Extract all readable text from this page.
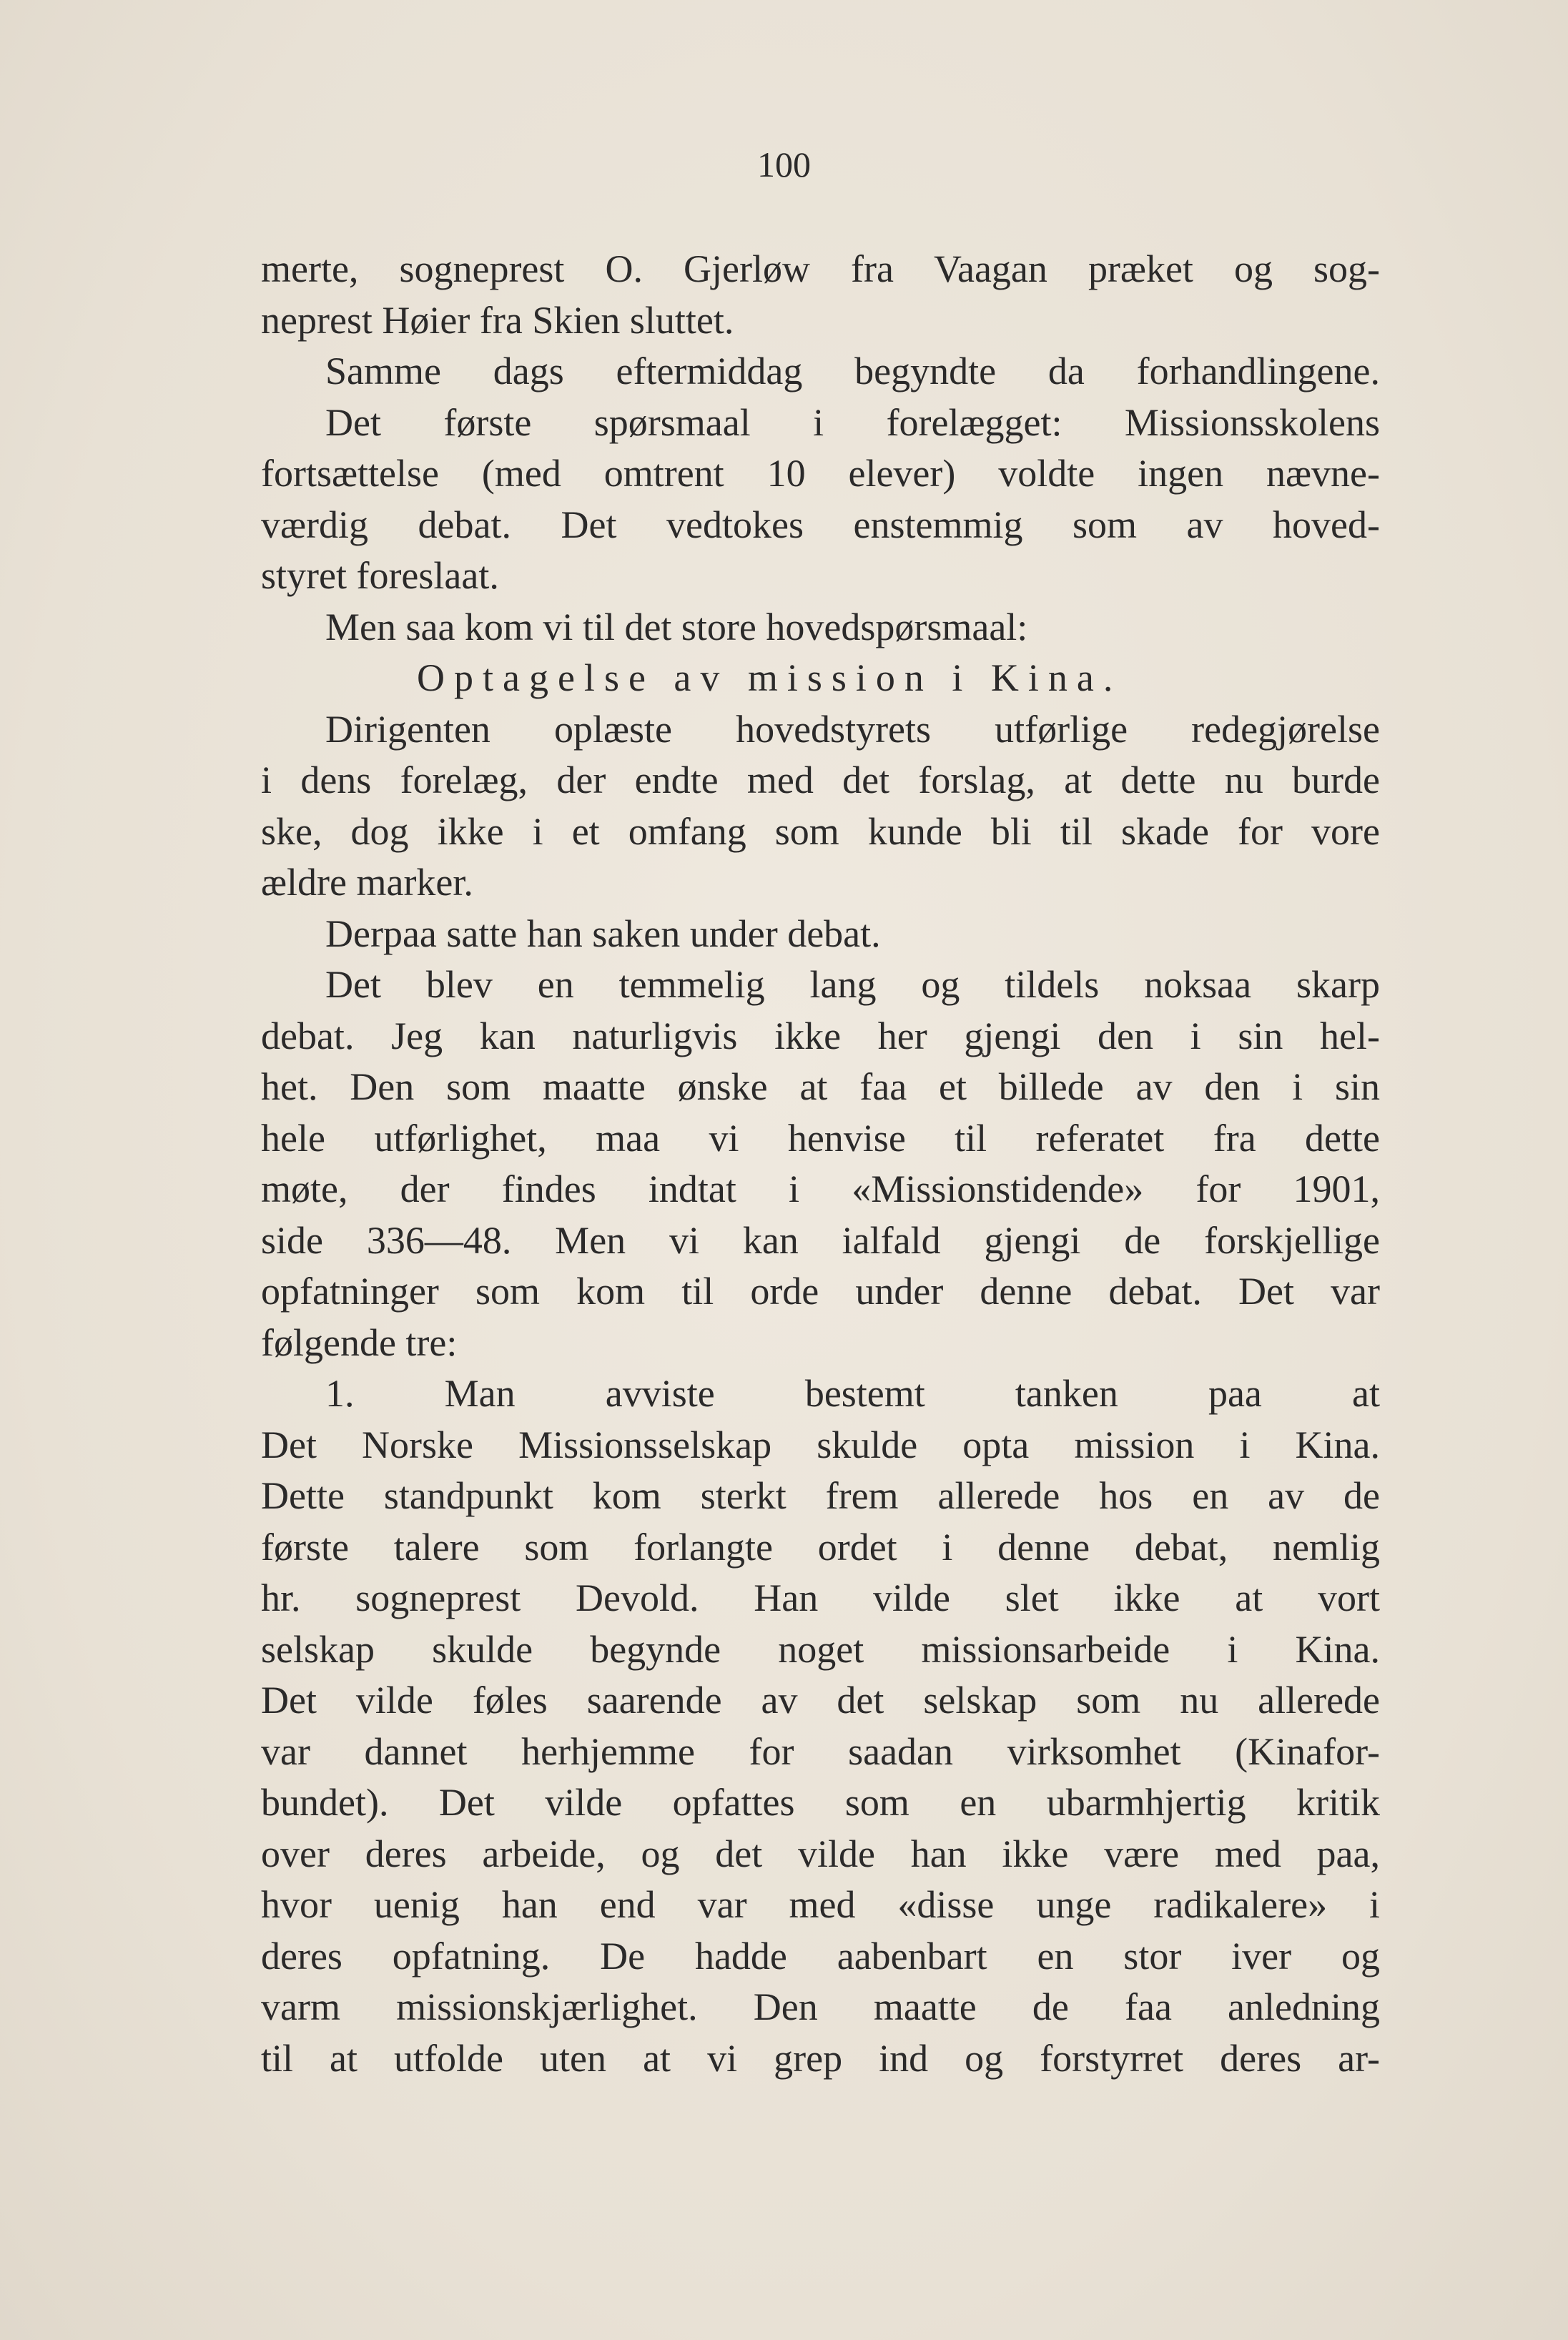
100
merte, sogneprest O. Gjerløw fra Vaagan præket og sog-
neprest Høier fra Skien sluttet.
Samme dags eftermiddag begyndte da forhandlingene.
Det første spørsmaal i forelægget: Missionsskolens
fortsættelse (med omtrent 10 elever) voldte ingen nævne-
værdig debat. Det vedtokes enstemmig som av hoved-
styret foreslaat.
Men saa kom vi til det store hovedspørsmaal:
Optagelse av mission i Kina.
Dirigenten oplæste hovedstyrets utførlige redegjørelse
i dens forelæg, der endte med det forslag, at dette nu burde
ske, dog ikke i et omfang som kunde bli til skade for vore
ældre marker.
Derpaa satte han saken under debat.
Det blev en temmelig lang og tildels noksaa skarp
debat. Jeg kan naturligvis ikke her gjengi den i sin hel-
het. Den som maatte ønske at faa et billede av den i sin
hele utførlighet, maa vi henvise til referatet fra dette
møte, der findes indtat i «Missionstidende» for 1901,
side 336—48. Men vi kan ialfald gjengi de forskjellige
opfatninger som kom til orde under denne debat. Det var
følgende tre:
1. Man avviste bestemt tanken paa at
Det Norske Missionsselskap skulde opta mission i Kina.
Dette standpunkt kom sterkt frem allerede hos en av de
første talere som forlangte ordet i denne debat, nemlig
hr. sogneprest Devold. Han vilde slet ikke at vort
selskap skulde begynde noget missionsarbeide i Kina.
Det vilde føles saarende av det selskap som nu allerede
var dannet herhjemme for saadan virksomhet (Kinafor-
bundet). Det vilde opfattes som en ubarmhjertig kritik
over deres arbeide, og det vilde han ikke være med paa,
hvor uenig han end var med «disse unge radikalere» i
deres opfatning. De hadde aabenbart en stor iver og
varm missionskjærlighet. Den maatte de faa anledning
til at utfolde uten at vi grep ind og forstyrret deres ar-
